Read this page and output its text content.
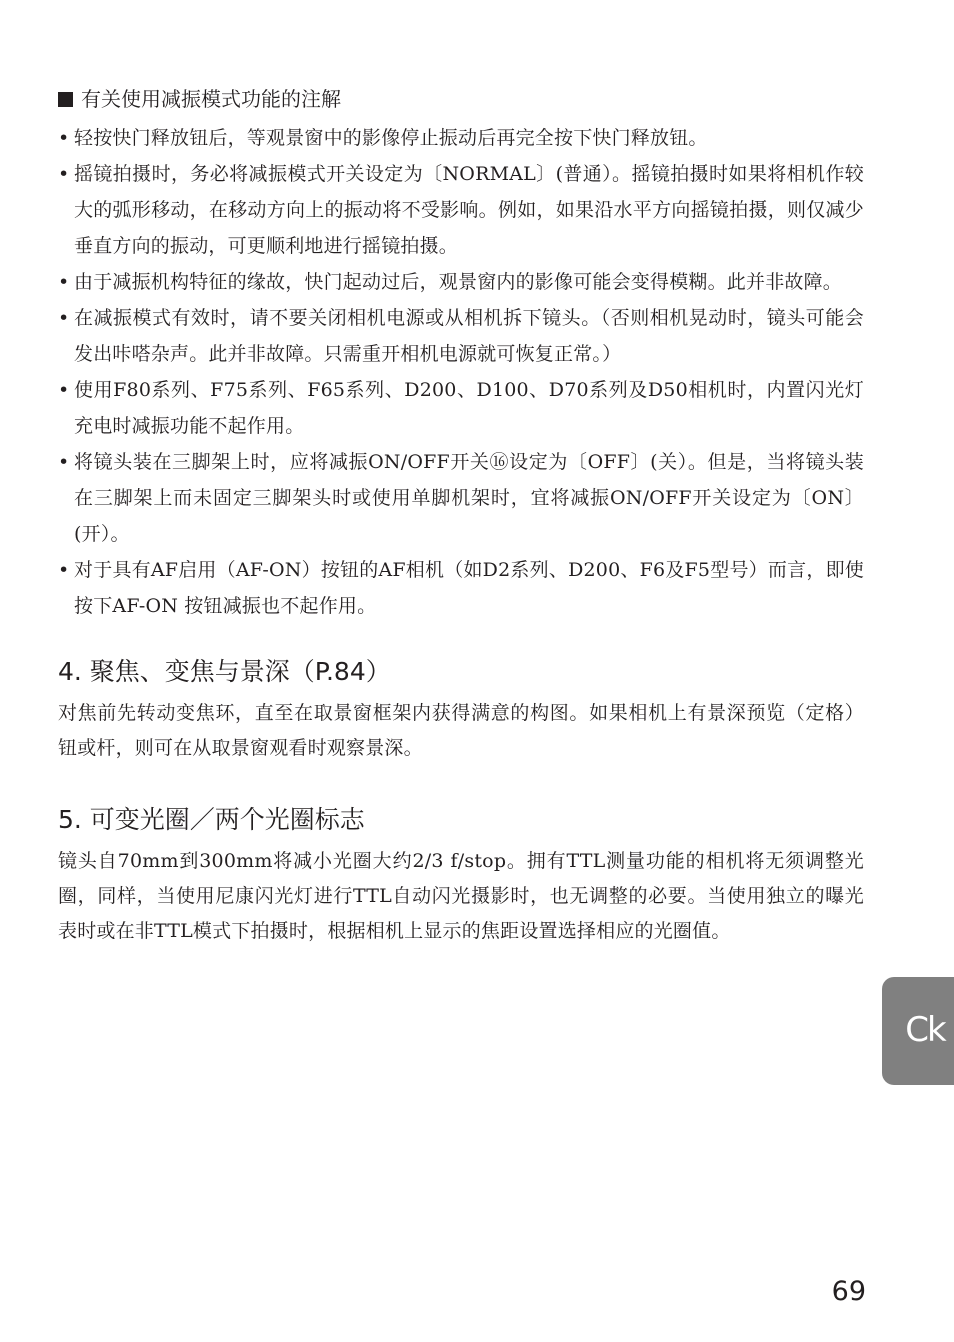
有关使用减振模式功能的注解
• 轻按快门释放钮后，等观景窗中的影像停止振动后再完全按下快门释放钮。
• 摇镜拍摄时，务必将减振模式开关设定为〔NORMAL〕(普通）。摇镜拍摄时如果将相机作较大的弧形移动，在移动方向上的振动将不受影响。例如，如果沿水平方向摇镜拍摄，则仅减少垂直方向的振动，可更顺利地进行摇镜拍摄。
• 由于减振机构特征的缘故，快门起动过后，观景窗内的影像可能会变得模糊。此并非故障。
• 在减振模式有效时，请不要关闭相机电源或从相机拆下镜头。（否则相机晃动时，镜头可能会发出咔嗒杂声。此并非故障。只需重开相机电源就可恢复正常。）
• 使用F80系列、F75系列、F65系列、D200、D100、D70系列及D50相机时，内置闪光灯充电时减振功能不起作用。
• 将镜头装在三脚架上时，应将减振ON/OFF开关⑯设定为〔OFF〕(关）。但是，当将镜头装在三脚架上而未固定三脚架头时或使用单脚机架时，宜将减振ON/OFF开关设定为〔ON〕(开）。
• 对于具有AF启用（AF-ON）按钮的AF相机（如D2系列、D200、F6及F5型号）而言，即使按下AF-ON 按钮减振也不起作用。
4. 聚焦、变焦与景深（P.84）

对焦前先转动变焦环，直至在取景窗框架内获得满意的构图。如果相机上有景深预览（定格）钮或杆，则可在从取景窗观看时观察景深。

5. 可变光圈／两个光圈标志

镜头自70mm到300mm将减小光圈大约2/3 f/stop。拥有TTL测量功能的相机将无须调整光圈，同样，当使用尼康闪光灯进行TTL自动闪光摄影时，也无调整的必要。当使用独立的曝光表时或在非TTL模式下拍摄时，根据相机上显示的焦距设置选择相应的光圈值。

Ck
69
